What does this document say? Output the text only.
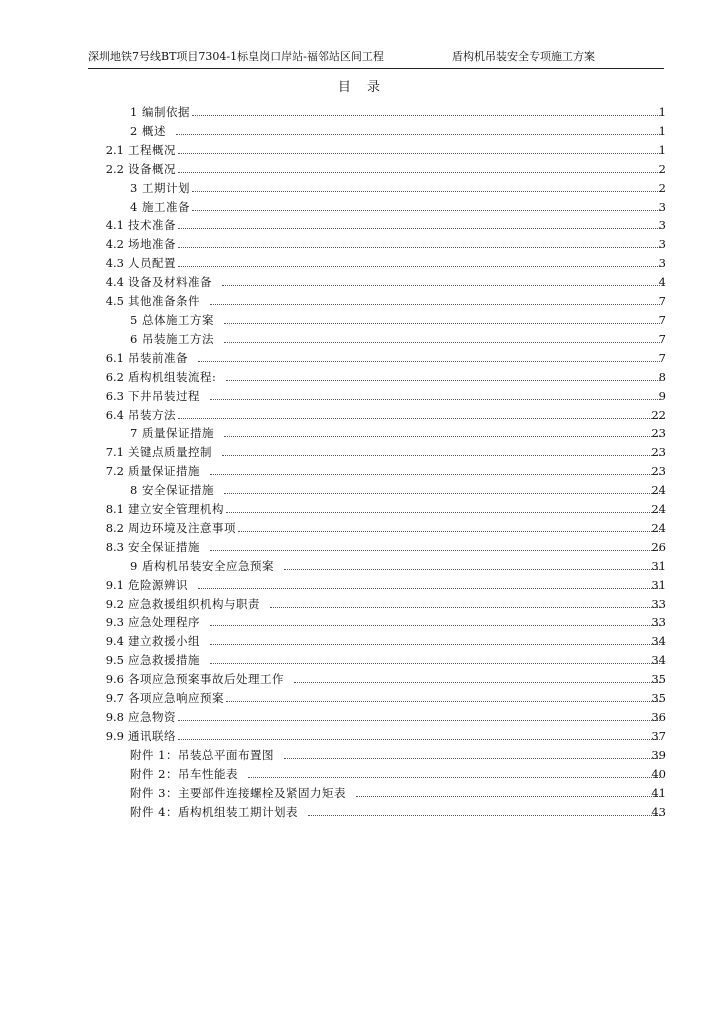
深圳地铁7号线BT项目7304-1标皇岗口岸站-福邻站区间工程	盾构机吊装安全专项施工方案
目 录
1 编制依据	1
2 概述	1
2.1 工程概况	1
2.2 设备概况	2
3 工期计划	2
4 施工准备	3
4.1 技术准备	3
4.2 场地准备	3
4.3 人员配置	3
4.4 设备及材料准备	4
4.5 其他准备条件	7
5 总体施工方案	7
6 吊装施工方法	7
6.1 吊装前准备	7
6.2 盾构机组装流程:	8
6.3 下井吊装过程	9
6.4 吊装方法	22
7 质量保证措施	23
7.1 关键点质量控制	23
7.2 质量保证措施	23
8 安全保证措施	24
8.1 建立安全管理机构	24
8.2 周边环境及注意事项	24
8.3 安全保证措施	26
9 盾构机吊装安全应急预案	31
9.1 危险源辨识	31
9.2 应急救援组织机构与职责	33
9.3 应急处理程序	33
9.4 建立救援小组	34
9.5 应急救援措施	34
9.6 各项应急预案事故后处理工作	35
9.7 各项应急响应预案	35
9.8 应急物资	36
9.9 通讯联络	37
附件 1：吊装总平面布置图	39
附件 2：吊车性能表	40
附件 3：主要部件连接螺栓及紧固力矩表	41
附件 4：盾构机组装工期计划表	43
